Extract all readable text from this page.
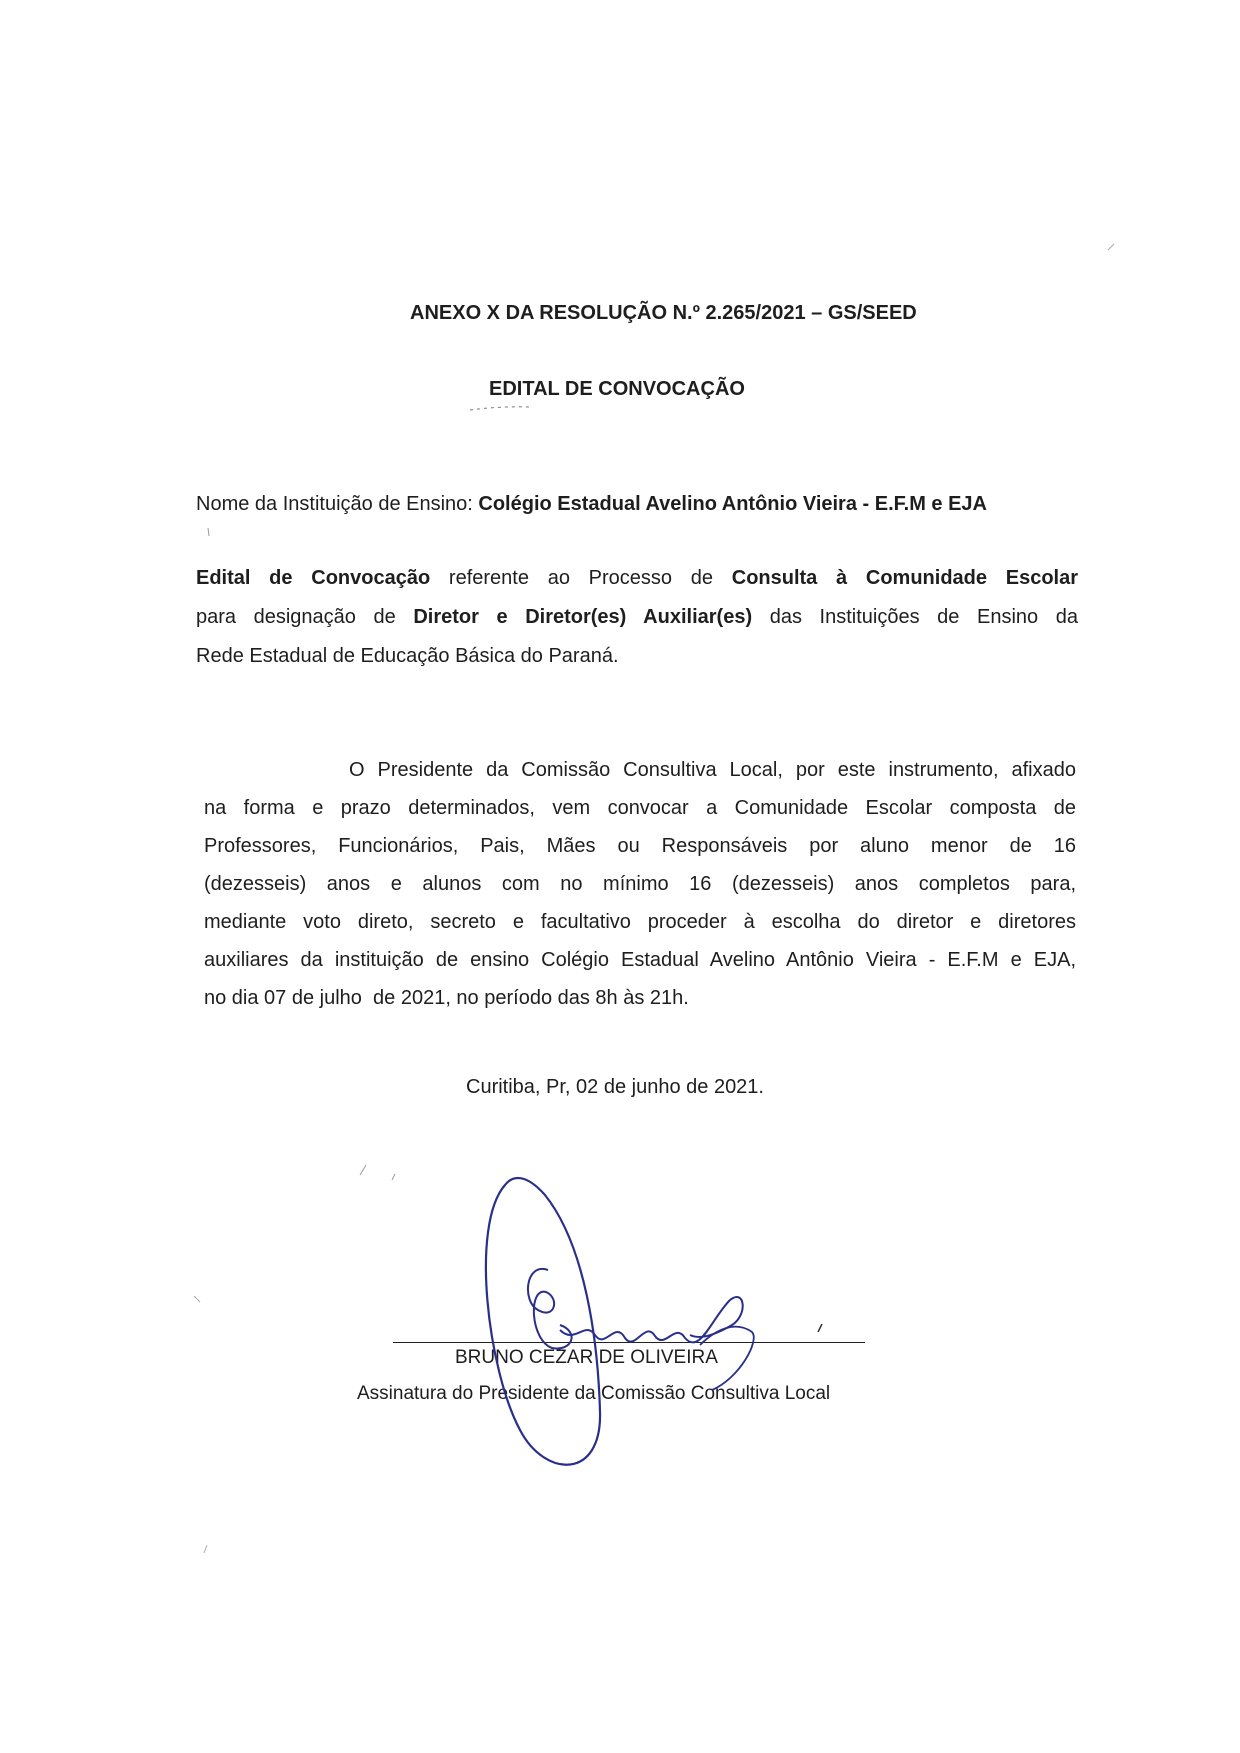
ANEXO X DA RESOLUÇÃO N.º 2.265/2021 – GS/SEED
EDITAL DE CONVOCAÇÃO
Nome da Instituição de Ensino: Colégio Estadual Avelino Antônio Vieira - E.F.M e EJA
Edital de Convocação referente ao Processo de Consulta à Comunidade Escolar
para designação de Diretor e Diretor(es) Auxiliar(es) das Instituições de Ensino da
Rede Estadual de Educação Básica do Paraná.
O Presidente da Comissão Consultiva Local, por este instrumento, afixado
na forma e prazo determinados, vem convocar a Comunidade Escolar composta de
Professores, Funcionários, Pais, Mães ou Responsáveis por aluno menor de 16
(dezesseis) anos e alunos com no mínimo 16 (dezesseis) anos completos para,
mediante voto direto, secreto e facultativo proceder à escolha do diretor e diretores
auxiliares da instituição de ensino Colégio Estadual Avelino Antônio Vieira - E.F.M e EJA,
no dia 07 de julho  de 2021, no período das 8h às 21h.
Curitiba, Pr, 02 de junho de 2021.
BRUNO CEZAR DE OLIVEIRA
Assinatura do Presidente da Comissão Consultiva Local
